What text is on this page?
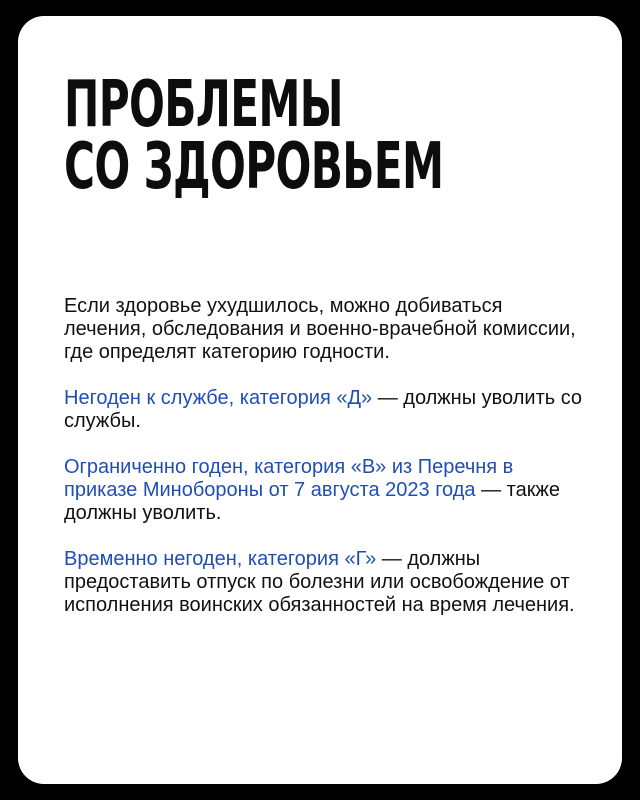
ПРОБЛЕМЫ
СО ЗДОРОВЬЕМ

Если здоровье ухудшилось, можно добиваться лечения, обследования и военно-врачебной комиссии, где определят категорию годности.

Негоден к службе, категория «Д» — должны уволить со службы.

Ограниченно годен, категория «В» из Перечня в приказе Минобороны от 7 августа 2023 года — также должны уволить.

Временно негоден, категория «Г» — должны предоставить отпуск по болезни или освобождение от исполнения воинских обязанностей на время лечения.
